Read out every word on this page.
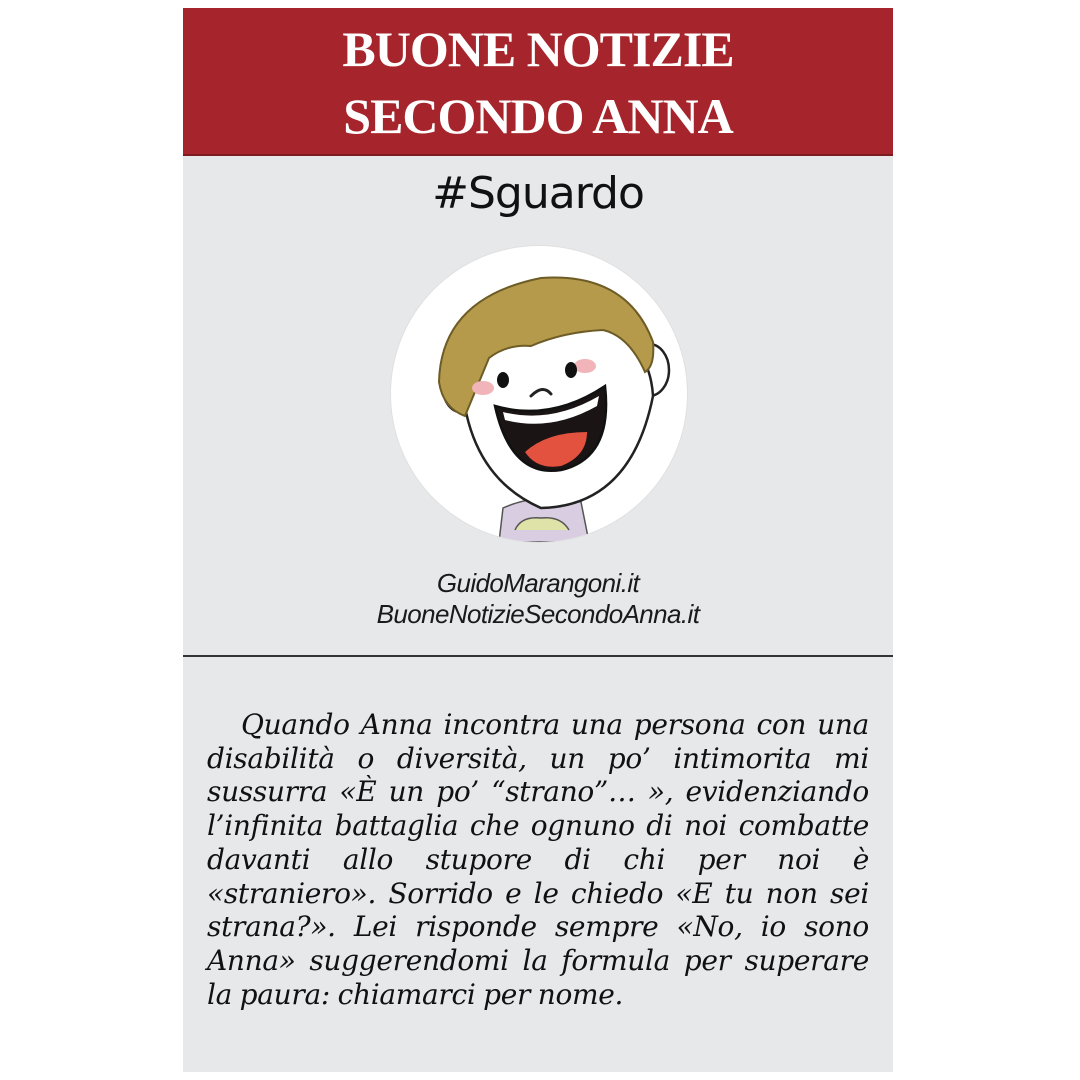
BUONE NOTIZIE
SECONDO ANNA
#Sguardo
GuidoMarangoni.it
BuoneNotizieSecondoAnna.it
Quando Anna incontra una persona con una disabilità o diversità, un po’ intimorita mi sussurra «È un po’ “strano”… », evidenziando l’infinita battaglia che ognuno di noi combatte davanti allo stupore di chi per noi è «straniero». Sorrido e le chiedo «E tu non sei strana?». Lei risponde sempre «No, io sono Anna» suggerendomi la formula per superare la paura: chiamarci per nome.
